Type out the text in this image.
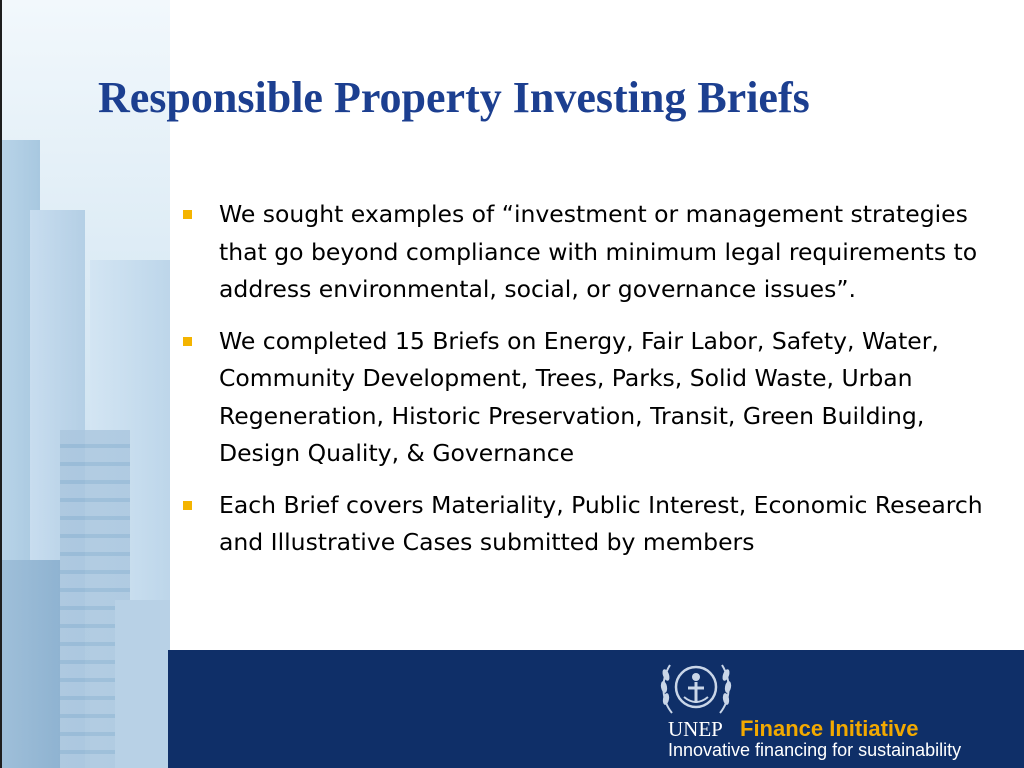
Responsible Property Investing Briefs
We sought examples of “investment or management strategies that go beyond compliance with minimum legal requirements to address environmental, social, or governance issues”.
We completed 15 Briefs on Energy, Fair Labor, Safety, Water, Community Development, Trees, Parks, Solid Waste, Urban Regeneration, Historic Preservation, Transit, Green Building, Design Quality, & Governance
Each Brief covers Materiality, Public Interest, Economic Research and Illustrative Cases submitted by members
UNEP Finance Initiative
Innovative financing for sustainability
